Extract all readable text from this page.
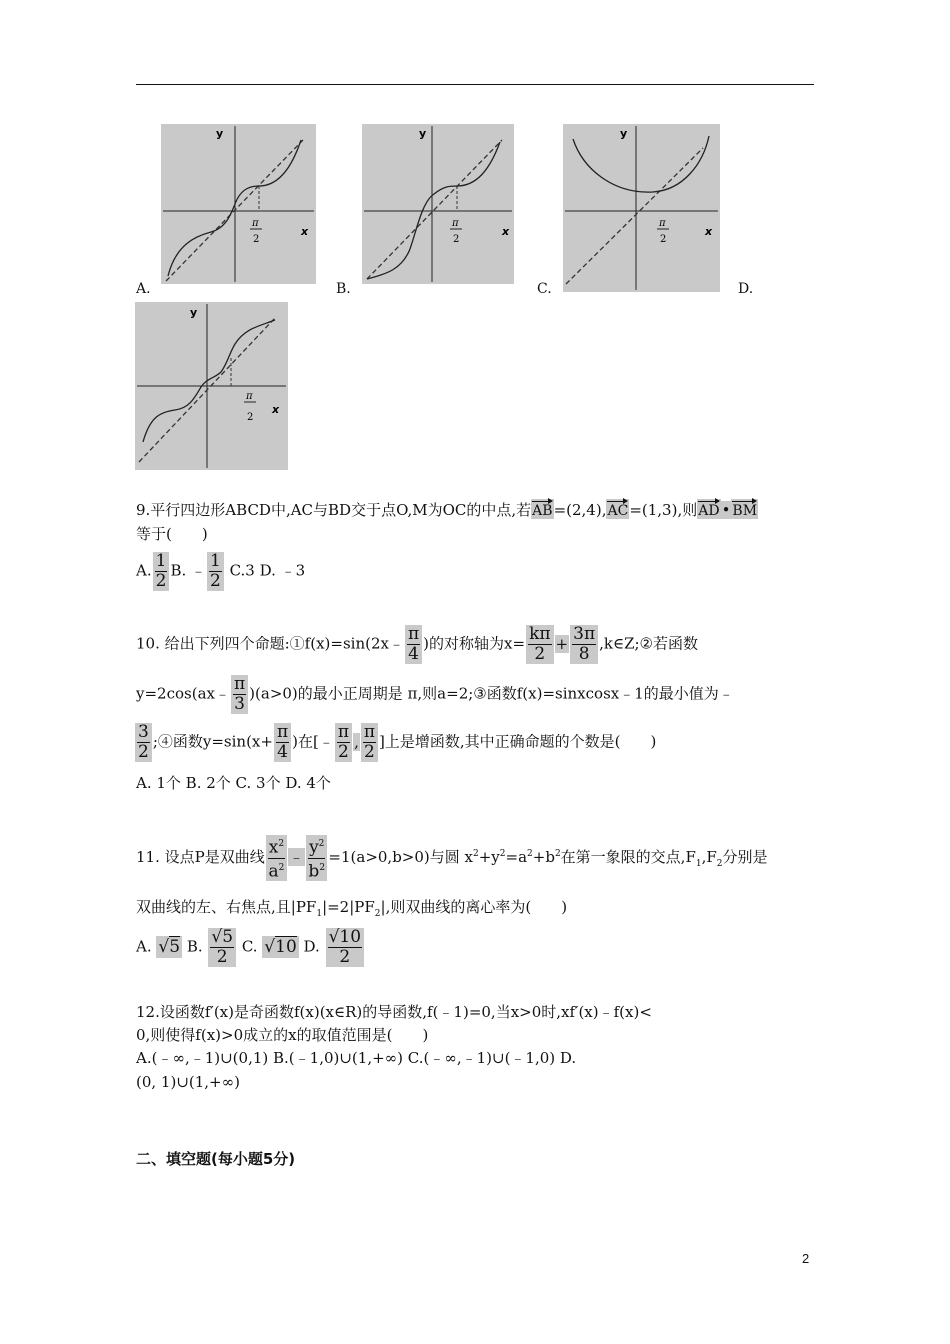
y
x
π
2
A.
y
x
π
2
B.
y
x
π
2
C.	D.
y
x
π
2
9.平行四边形ABCD中,AC与BD交于点O,M为OC的中点,若AB=(2,4),AC=(1,3),则AD • BM
等于(　　)
A. $\frac{1}{2} B$. ﹣ $\frac{1}{2} C.3$ D. ﹣3
10. 给出下列四个命题:①f(x)=sin(2x﹣ $\frac{\pi}{4}$ )的对称轴为$x= \frac{k\pi}{2} + \frac{3\pi}{8}$ ,k∈Z;②若函数
y=2cos(ax﹣ $\frac{\pi}{3} )(a>0)$的最小正周期是 π,则a=2;③函数f(x)=sinxcosx﹣1的最小值为﹣
$\frac{3}{2}$ ;④函数$y=\sin(x+ \frac{\pi}{4}$ )在[﹣ $\frac{\pi}{2}$ , $\frac{\pi}{2}$ ]上是增函数,其中正确命题的个数是(　　)
A. 1个 B. 2个 C. 3个 D. 4个
11. 设点P是双曲线 $\frac{x^2}{a^2}$ ﹣ $\frac{y^2}{b^2} =1(a>0,b>0)$与圆 $x^2+y^2=a^2+b^2$在第一象限的交点$,F_1,F_2$分别是
双曲线的左、右焦点,且$|PF_1|=2|PF_2|$,则双曲线的离心率为(　　)
A. √5 B. $\frac{√5}{2} C$. √10 D. $\frac{√10}{2}$
12.设函数f′(x)是奇函数f(x)(x∈R)的导函数,f(﹣1)=0,当x>0时,xf′(x)﹣f(x)<
0,则使得f(x)>0成立的x的取值范围是(　　)
A.(﹣∞,﹣1)∪(0,1) B.(﹣1,0)∪(1,+∞) C.(﹣∞,﹣1)∪(﹣1,0) D.
(0, 1)∪(1,+∞)
二、填空题(每小题5分)
2
